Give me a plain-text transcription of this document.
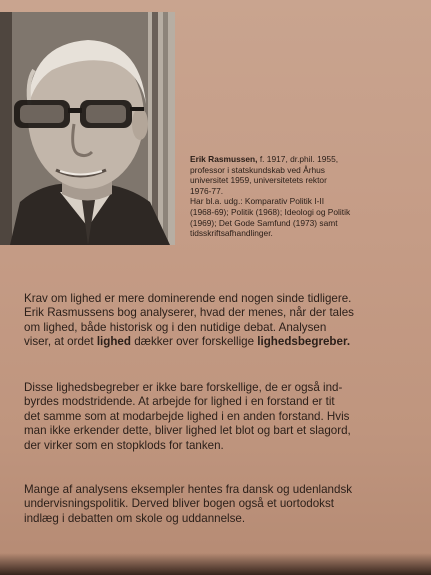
Erik Rasmussen, f. 1917, dr.phil. 1955,
professor i statskundskab ved Århus
universitet 1959, universitetets rektor
1976-77.
Har bl.a. udg.: Komparativ Politik I-II
(1968-69); Politik (1968); Ideologi og Politik
(1969); Det Gode Samfund (1973) samt
tidsskriftsafhandlinger.
Krav om lighed er mere dominerende end nogen sinde tidligere.
Erik Rasmussens bog analyserer, hvad der menes, når der tales
om lighed, både historisk og i den nutidige debat. Analysen
viser, at ordet lighed dækker over forskellige lighedsbegreber.
Disse lighedsbegreber er ikke bare forskellige, de er også ind-
byrdes modstridende. At arbejde for lighed i en forstand er tit
det samme som at modarbejde lighed i en anden forstand. Hvis
man ikke erkender dette, bliver lighed let blot og bart et slagord,
der virker som en stopklods for tanken.
Mange af analysens eksempler hentes fra dansk og udenlandsk
undervisningspolitik. Derved bliver bogen også et uortodokst
indlæg i debatten om skole og uddannelse.
